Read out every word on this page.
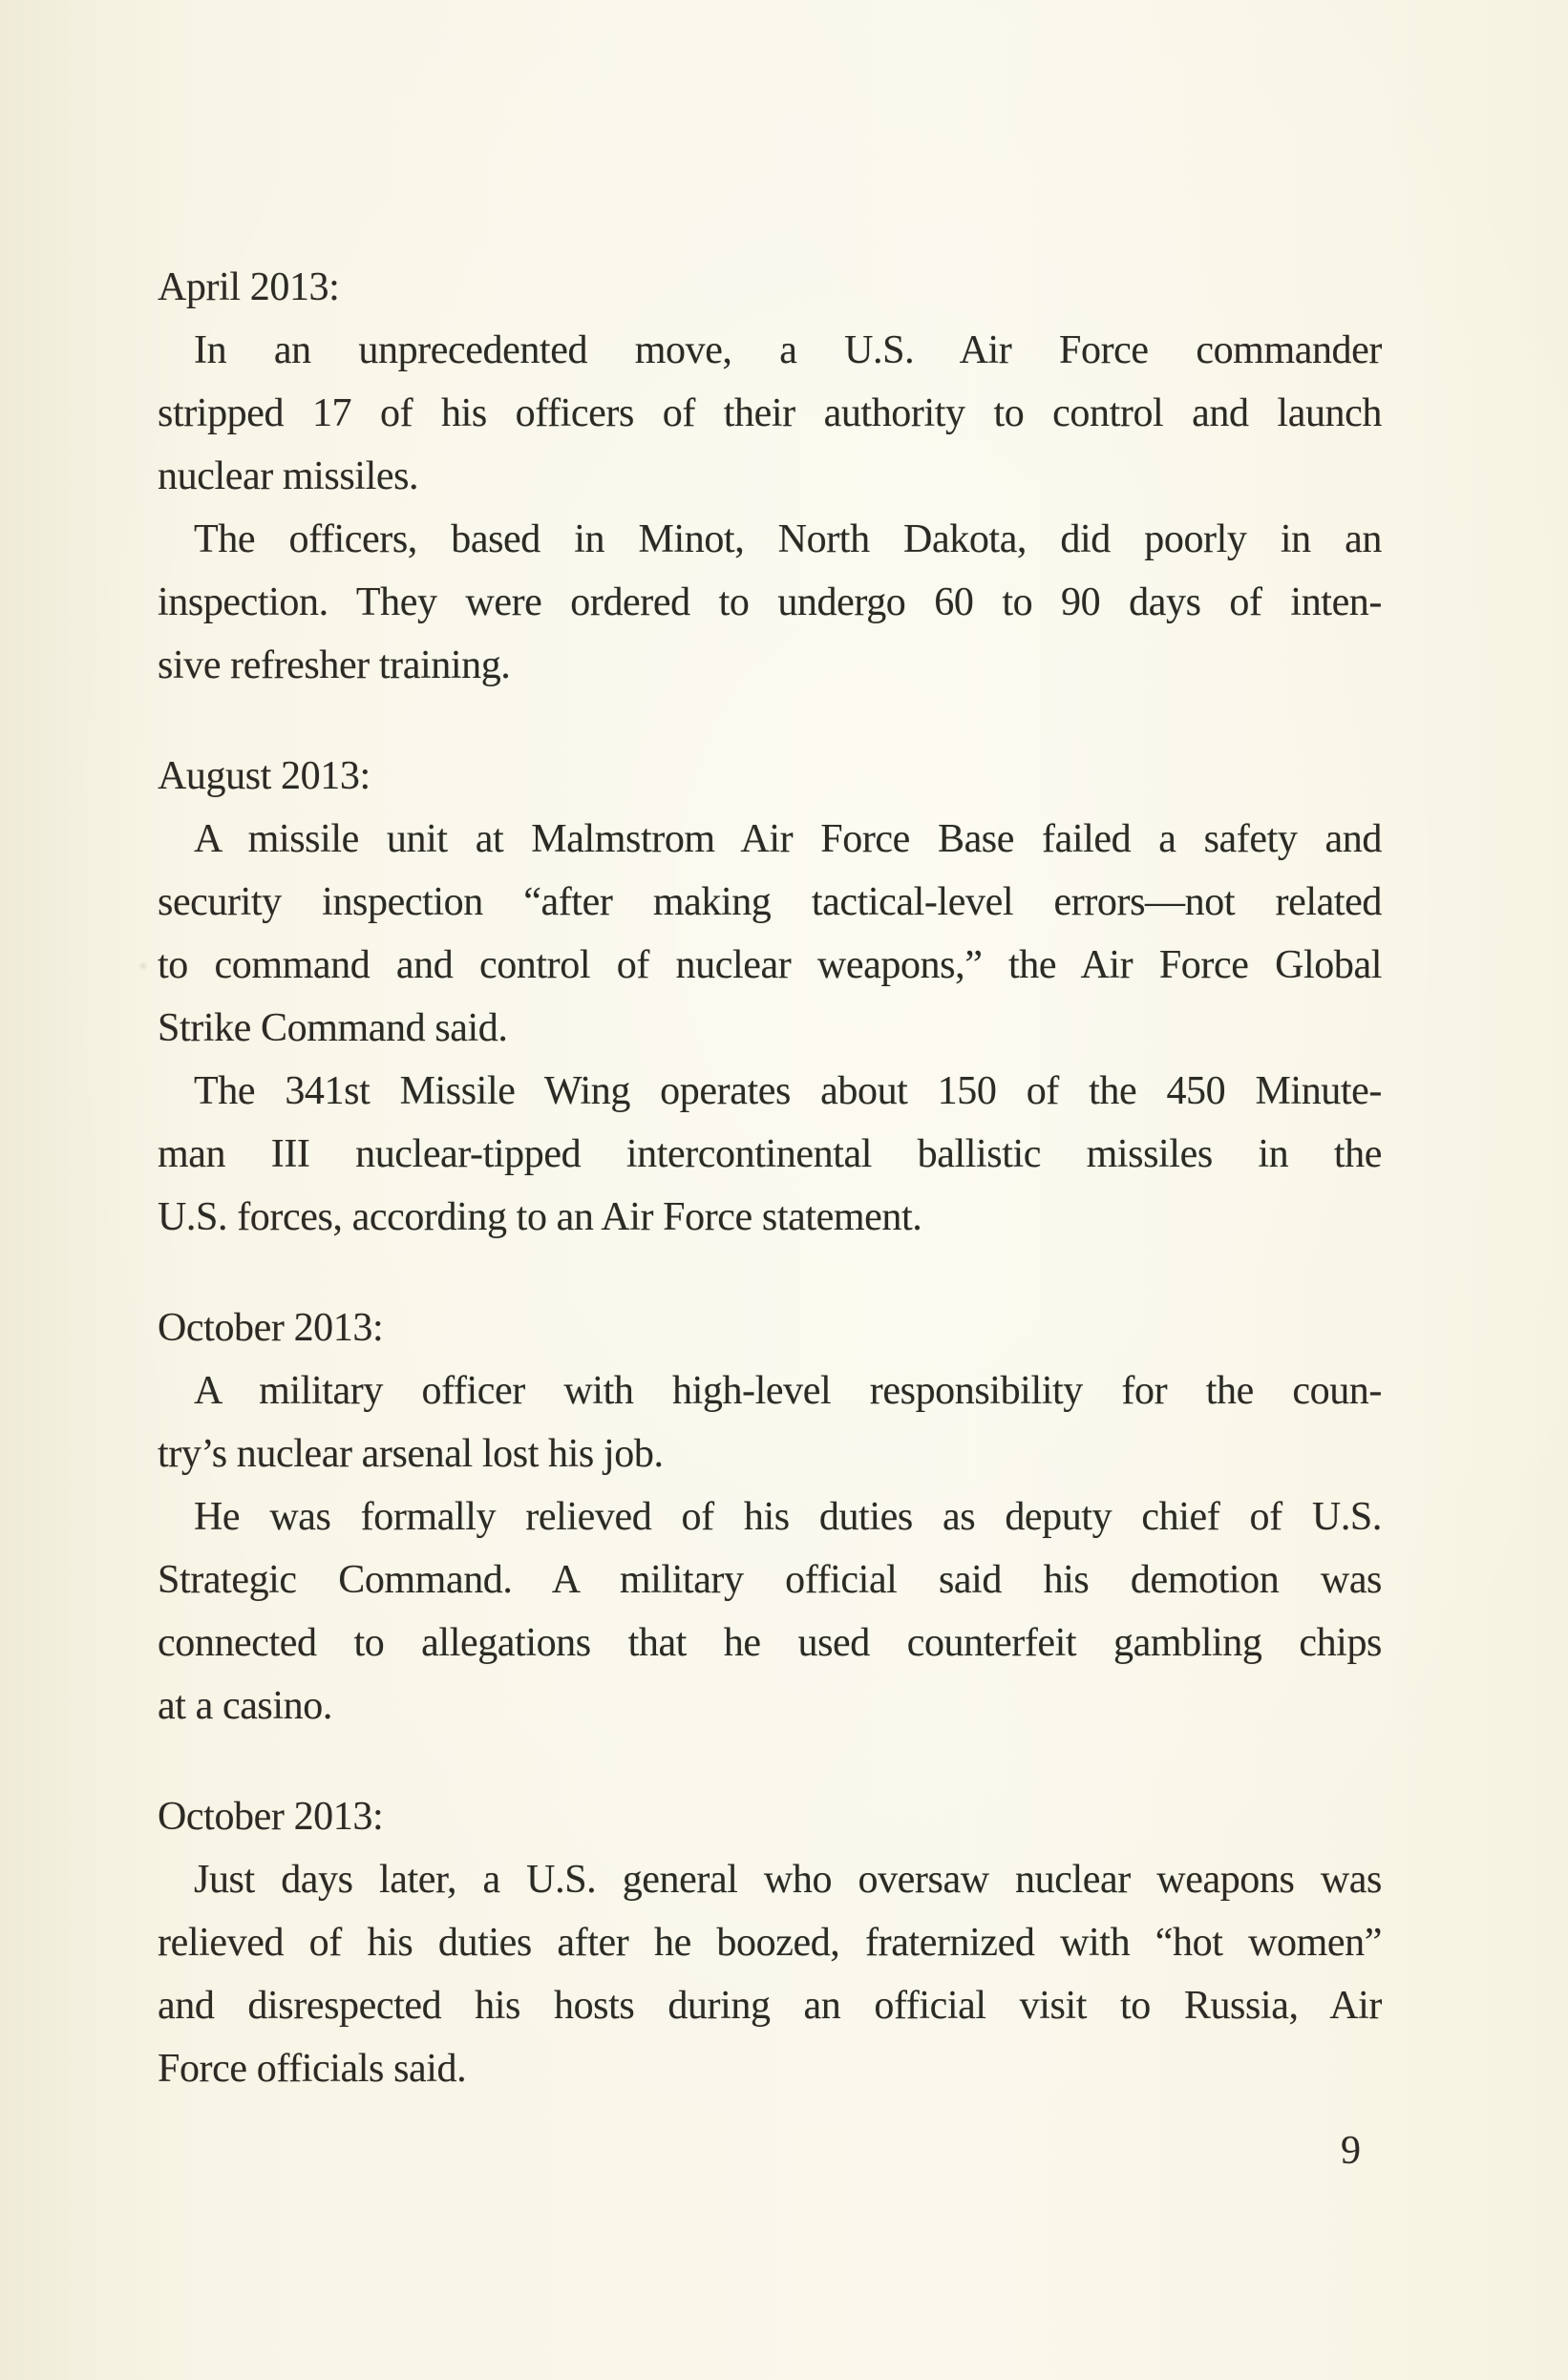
April 2013:
In an unprecedented move, a U.S. Air Force commander
stripped 17 of his officers of their authority to control and launch
nuclear missiles.
The officers, based in Minot, North Dakota, did poorly in an
inspection. They were ordered to undergo 60 to 90 days of inten-
sive refresher training.
August 2013:
A missile unit at Malmstrom Air Force Base failed a safety and
security inspection “after making tactical-level errors—not related
to command and control of nuclear weapons,” the Air Force Global
Strike Command said.
The 341st Missile Wing operates about 150 of the 450 Minute-
man III nuclear-tipped intercontinental ballistic missiles in the
U.S. forces, according to an Air Force statement.
October 2013:
A military officer with high-level responsibility for the coun-
try’s nuclear arsenal lost his job.
He was formally relieved of his duties as deputy chief of U.S.
Strategic Command. A military official said his demotion was
connected to allegations that he used counterfeit gambling chips
at a casino.
October 2013:
Just days later, a U.S. general who oversaw nuclear weapons was
relieved of his duties after he boozed, fraternized with “hot women”
and disrespected his hosts during an official visit to Russia, Air
Force officials said.
9
